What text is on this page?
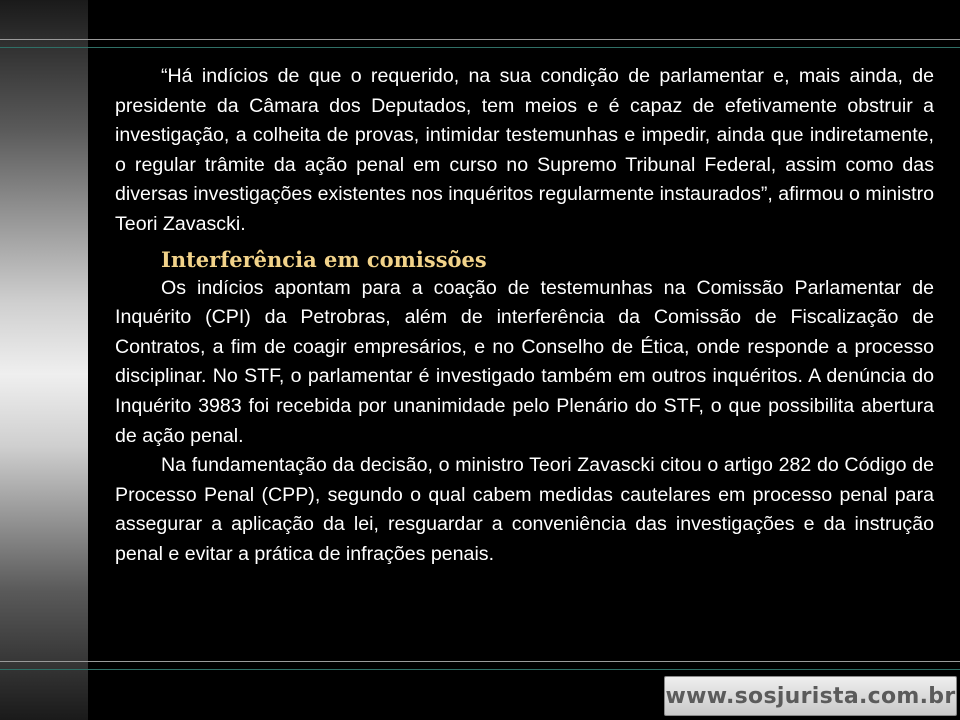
“Há indícios de que o requerido, na sua condição de parlamentar e, mais ainda, de presidente da Câmara dos Deputados, tem meios e é capaz de efetivamente obstruir a investigação, a colheita de provas, intimidar testemunhas e impedir, ainda que indiretamente, o regular trâmite da ação penal em curso no Supremo Tribunal Federal, assim como das diversas investigações existentes nos inquéritos regularmente instaurados”, afirmou o ministro Teori Zavascki.

Interferência em comissões

Os indícios apontam para a coação de testemunhas na Comissão Parlamentar de Inquérito (CPI) da Petrobras, além de interferência da Comissão de Fiscalização de Contratos, a fim de coagir empresários, e no Conselho de Ética, onde responde a processo disciplinar. No STF, o parlamentar é investigado também em outros inquéritos. A denúncia do Inquérito 3983 foi recebida por unanimidade pelo Plenário do STF, o que possibilita abertura de ação penal.

Na fundamentação da decisão, o ministro Teori Zavascki citou o artigo 282 do Código de Processo Penal (CPP), segundo o qual cabem medidas cautelares em processo penal para assegurar a aplicação da lei, resguardar a conveniência das investigações e da instrução penal e evitar a prática de infrações penais.

www.sosjurista.com.br
